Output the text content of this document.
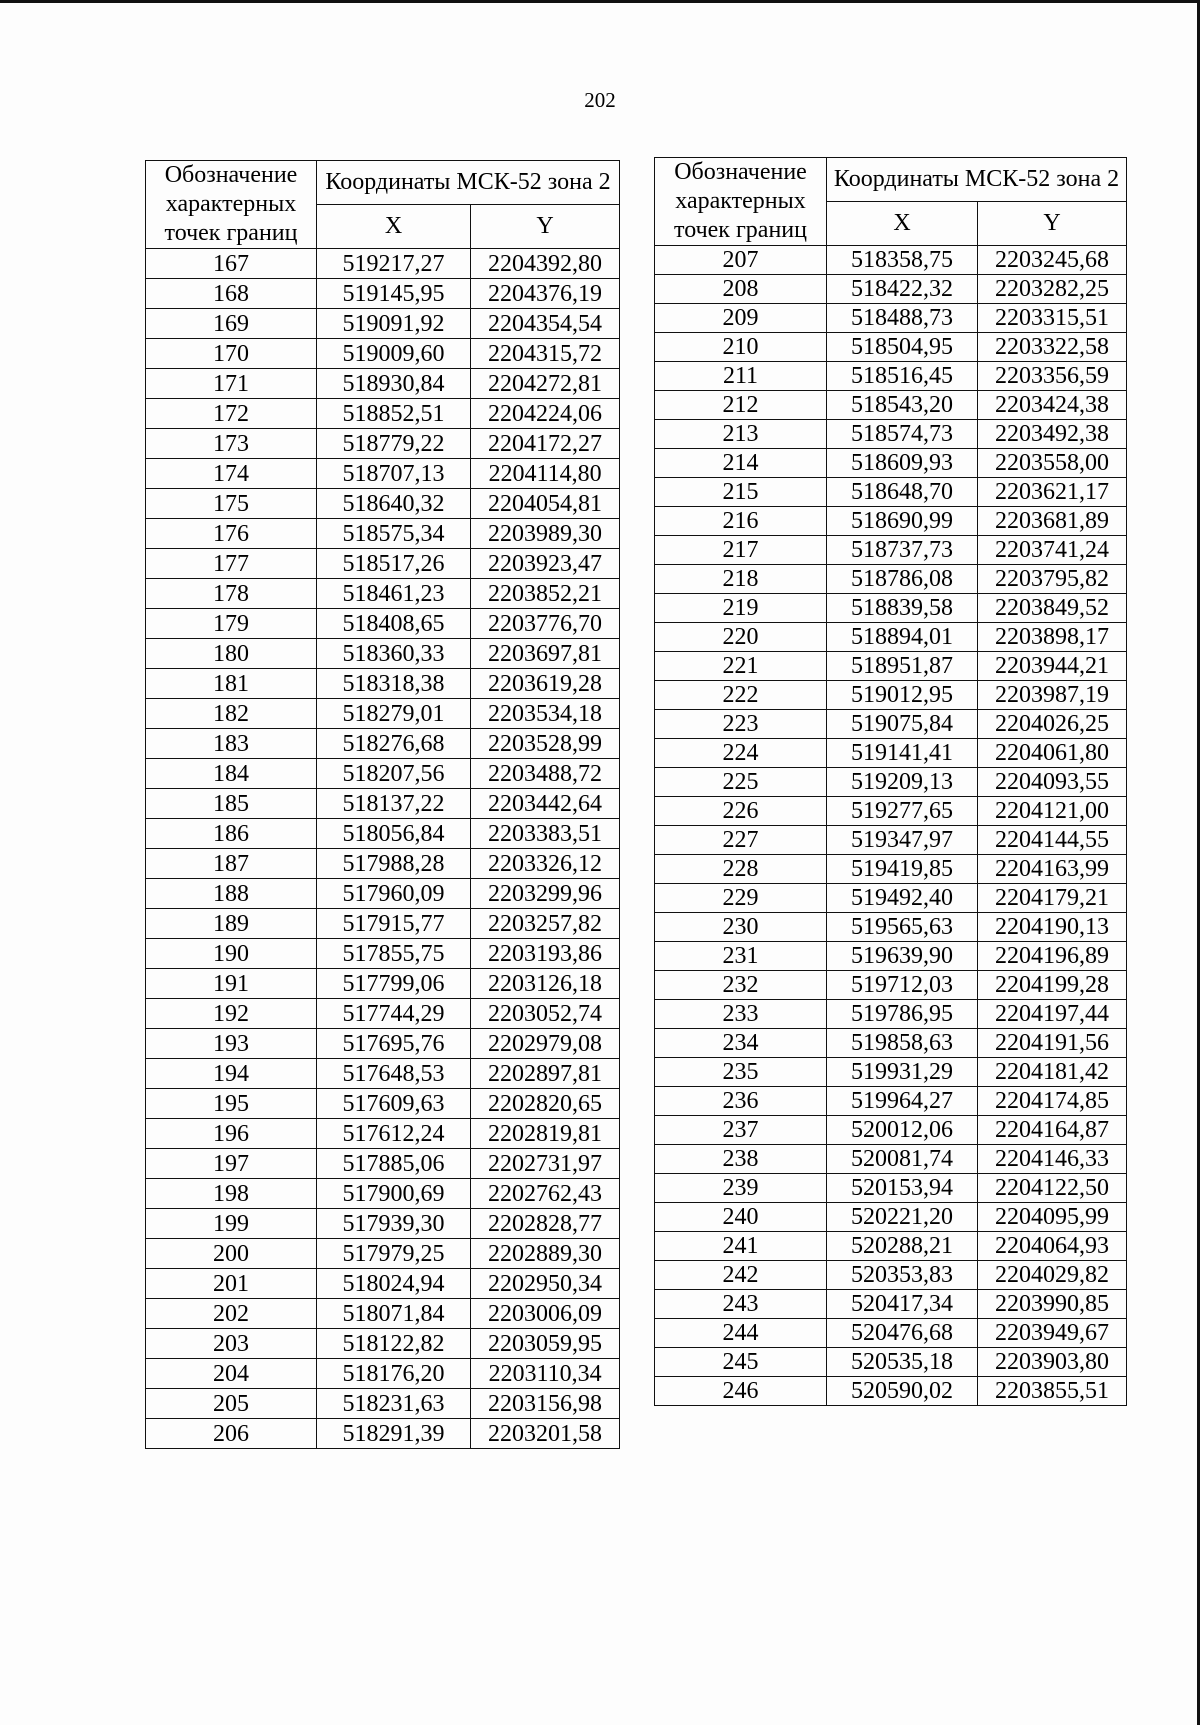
202
Обозначение характерных точек границ	Координаты МСК-52 зона 2	
	X	Y
167	519217,27	2204392,80
168	519145,95	2204376,19
169	519091,92	2204354,54
170	519009,60	2204315,72
171	518930,84	2204272,81
172	518852,51	2204224,06
173	518779,22	2204172,27
174	518707,13	2204114,80
175	518640,32	2204054,81
176	518575,34	2203989,30
177	518517,26	2203923,47
178	518461,23	2203852,21
179	518408,65	2203776,70
180	518360,33	2203697,81
181	518318,38	2203619,28
182	518279,01	2203534,18
183	518276,68	2203528,99
184	518207,56	2203488,72
185	518137,22	2203442,64
186	518056,84	2203383,51
187	517988,28	2203326,12
188	517960,09	2203299,96
189	517915,77	2203257,82
190	517855,75	2203193,86
191	517799,06	2203126,18
192	517744,29	2203052,74
193	517695,76	2202979,08
194	517648,53	2202897,81
195	517609,63	2202820,65
196	517612,24	2202819,81
197	517885,06	2202731,97
198	517900,69	2202762,43
199	517939,30	2202828,77
200	517979,25	2202889,30
201	518024,94	2202950,34
202	518071,84	2203006,09
203	518122,82	2203059,95
204	518176,20	2203110,34
205	518231,63	2203156,98
206	518291,39	2203201,58
Обозначение характерных точек границ	Координаты МСК-52 зона 2	
	X	Y
207	518358,75	2203245,68
208	518422,32	2203282,25
209	518488,73	2203315,51
210	518504,95	2203322,58
211	518516,45	2203356,59
212	518543,20	2203424,38
213	518574,73	2203492,38
214	518609,93	2203558,00
215	518648,70	2203621,17
216	518690,99	2203681,89
217	518737,73	2203741,24
218	518786,08	2203795,82
219	518839,58	2203849,52
220	518894,01	2203898,17
221	518951,87	2203944,21
222	519012,95	2203987,19
223	519075,84	2204026,25
224	519141,41	2204061,80
225	519209,13	2204093,55
226	519277,65	2204121,00
227	519347,97	2204144,55
228	519419,85	2204163,99
229	519492,40	2204179,21
230	519565,63	2204190,13
231	519639,90	2204196,89
232	519712,03	2204199,28
233	519786,95	2204197,44
234	519858,63	2204191,56
235	519931,29	2204181,42
236	519964,27	2204174,85
237	520012,06	2204164,87
238	520081,74	2204146,33
239	520153,94	2204122,50
240	520221,20	2204095,99
241	520288,21	2204064,93
242	520353,83	2204029,82
243	520417,34	2203990,85
244	520476,68	2203949,67
245	520535,18	2203903,80
246	520590,02	2203855,51
